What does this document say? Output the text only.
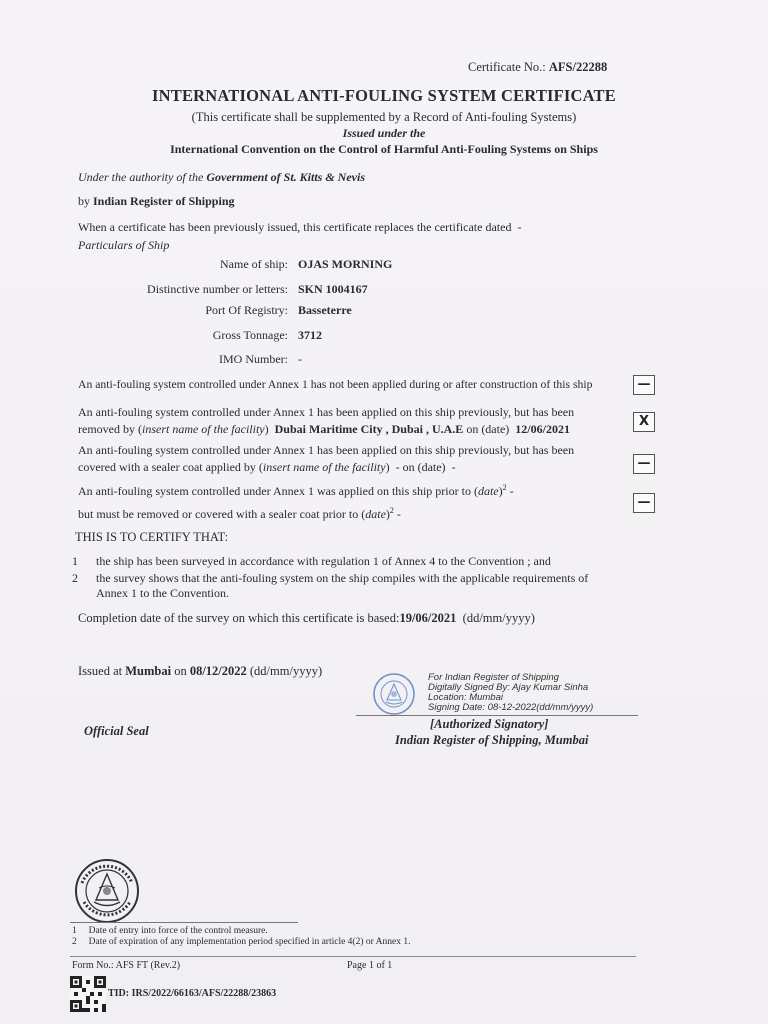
Certificate No.: AFS/22288
INTERNATIONAL ANTI-FOULING SYSTEM CERTIFICATE
(This certificate shall be supplemented by a Record of Anti-fouling Systems)
Issued under the
International Convention on the Control of Harmful Anti-Fouling Systems on Ships
Under the authority of the Government of St. Kitts & Nevis
by Indian Register of Shipping
When a certificate has been previously issued, this certificate replaces the certificate dated -
Particulars of Ship
Name of ship: OJAS MORNING
Distinctive number or letters: SKN 1004167
Port Of Registry: Basseterre
Gross Tonnage: 3712
IMO Number: -
An anti-fouling system controlled under Annex 1 has not been applied during or after construction of this ship	—
An anti-fouling system controlled under Annex 1 has been applied on this ship previously, but has been
removed by (insert name of the facility) Dubai Maritime City , Dubai , U.A.E on (date) 12/06/2021	X
An anti-fouling system controlled under Annex 1 has been applied on this ship previously, but has been
covered with a sealer coat applied by (insert name of the facility) - on (date) -	—
An anti-fouling system controlled under Annex 1 was applied on this ship prior to (date)$^2$ -
but must be removed or covered with a sealer coat prior to (date)$^2$ -
—
THIS IS TO CERTIFY THAT:
1 the ship has been surveyed in accordance with regulation 1 of Annex 4 to the Convention ; and
2 the survey shows that the anti-fouling system on the ship compiles with the applicable requirements of
Annex 1 to the Convention.
Completion date of the survey on which this certificate is based:19/06/2021 (dd/mm/yyyy)
Issued at Mumbai on 08/12/2022 (dd/mm/yyyy)	For Indian Register of Shipping
Digitally Signed By: Ajay Kumar Sinha
Location: Mumbai
Signing Date: 08-12-2022(dd/mm/yyyy)
[Authorized Signatory]
Indian Register of Shipping, Mumbai
Official Seal
1 Date of entry into force of the control measure.
2 Date of expiration of any implementation period specified in article 4(2) or Annex 1.
Form No.: AFS FT (Rev.2)	Page 1 of 1
TID: IRS/2022/66163/AFS/22288/23863
